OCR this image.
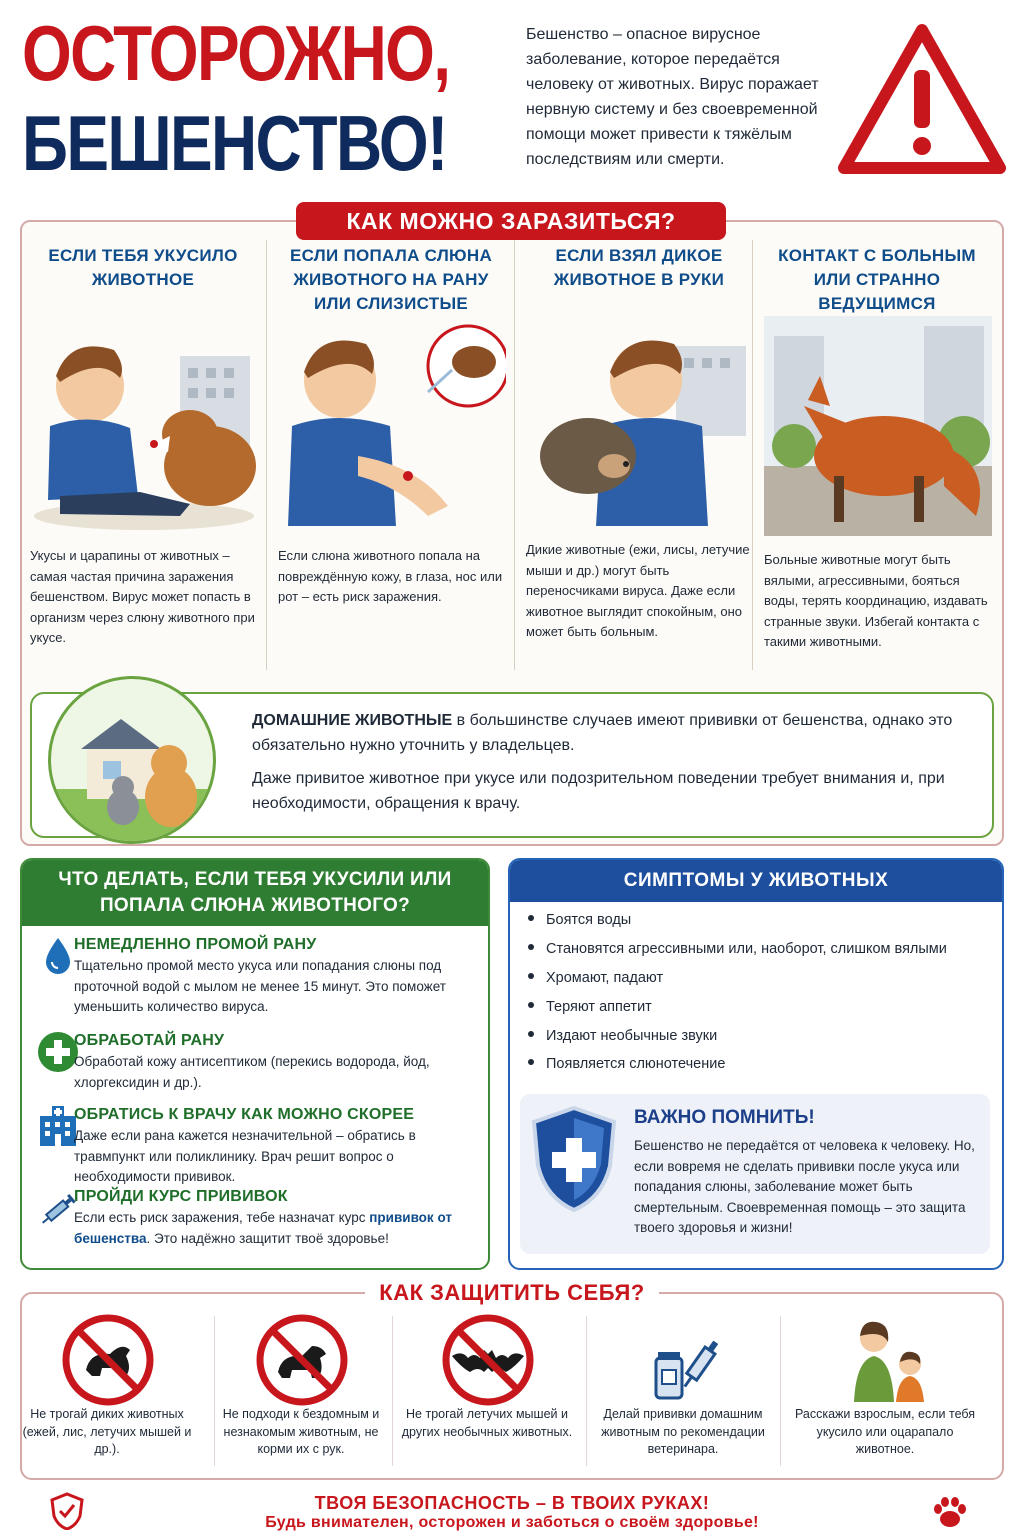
ОСТОРОЖНО,
БЕШЕНСТВО!
Бешенство – опасное вирусное заболевание, которое передаётся человеку от животных. Вирус поражает нервную систему и без своевременной помощи может привести к тяжёлым последствиям или смерти.
КАК МОЖНО ЗАРАЗИТЬСЯ?
ЕСЛИ ТЕБЯ УКУСИЛО ЖИВОТНОЕ
Укусы и царапины от животных – самая частая причина заражения бешенством. Вирус может попасть в организм через слюну животного при укусе.
ЕСЛИ ПОПАЛА СЛЮНА ЖИВОТНОГО НА РАНУ ИЛИ СЛИЗИСТЫЕ
Если слюна животного попала на повреждённую кожу, в глаза, нос или рот – есть риск заражения.
ЕСЛИ ВЗЯЛ ДИКОЕ ЖИВОТНОЕ В РУКИ
Дикие животные (ежи, лисы, летучие мыши и др.) могут быть переносчиками вируса. Даже если животное выглядит спокойным, оно может быть больным.
КОНТАКТ С БОЛЬНЫМ ИЛИ СТРАННО ВЕДУЩИМСЯ
Больные животные могут быть вялыми, агрессивными, бояться воды, терять координацию, издавать странные звуки. Избегай контакта с такими животными.
ДОМАШНИЕ ЖИВОТНЫЕ в большинстве случаев имеют прививки от бешенства, однако это обязательно нужно уточнить у владельцев.
Даже привитое животное при укусе или подозрительном поведении требует внимания и, при необходимости, обращения к врачу.
ЧТО ДЕЛАТЬ, ЕСЛИ ТЕБЯ УКУСИЛИ ИЛИ ПОПАЛА СЛЮНА ЖИВОТНОГО?
НЕМЕДЛЕННО ПРОМОЙ РАНУ
Тщательно промой место укуса или попадания слюны под проточной водой с мылом не менее 15 минут. Это поможет уменьшить количество вируса.
ОБРАБОТАЙ РАНУ
Обработай кожу антисептиком (перекись водорода, йод, хлоргексидин и др.).
ОБРАТИСЬ К ВРАЧУ КАК МОЖНО СКОРЕЕ
Даже если рана кажется незначительной – обратись в травмпункт или поликлинику. Врач решит вопрос о необходимости прививок.
ПРОЙДИ КУРС ПРИВИВОК
Если есть риск заражения, тебе назначат курс прививок от бешенства. Это надёжно защитит твоё здоровье!
СИМПТОМЫ У ЖИВОТНЫХ
Боятся воды
Становятся агрессивными или, наоборот, слишком вялыми
Хромают, падают
Теряют аппетит
Издают необычные звуки
Появляется слюнотечение
ВАЖНО ПОМНИТЬ!
Бешенство не передаётся от человека к человеку. Но, если вовремя не сделать прививки после укуса или попадания слюны, заболевание может быть смертельным. Своевременная помощь – это защита твоего здоровья и жизни!
КАК ЗАЩИТИТЬ СЕБЯ?
Не трогай диких животных (ежей, лис, летучих мышей и др.).
Не подходи к бездомным и незнакомым животным, не корми их с рук.
Не трогай летучих мышей и других необычных животных.
Делай прививки домашним животным по рекомендации ветеринара.
Расскажи взрослым, если тебя укусило или оцарапало животное.
ТВОЯ БЕЗОПАСНОСТЬ – В ТВОИХ РУКАХ!
Будь внимателен, осторожен и заботься о своём здоровье!
